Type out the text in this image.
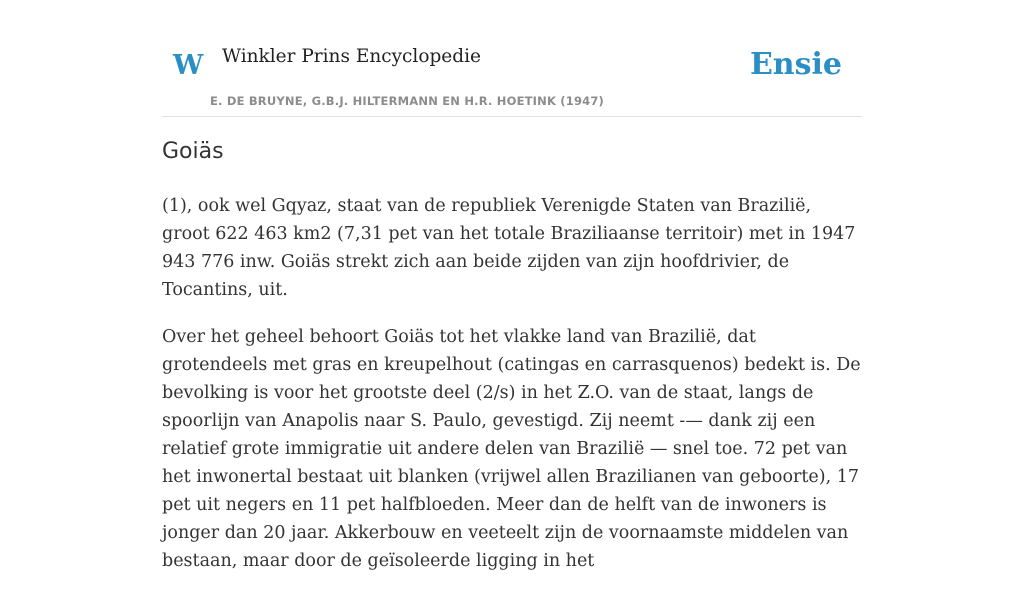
W Winkler Prins Encyclopedie
E. DE BRUYNE, G.B.J. HILTERMANN EN H.R. HOETINK (1947)
Ensie
Goiäs

(1), ook wel Gqyaz, staat van de republiek Verenigde Staten van Brazilië, groot 622 463 km2 (7,31 pet van het totale Braziliaanse territoir) met in 1947 943 776 inw. Goiäs strekt zich aan beide zijden van zijn hoofdrivier, de Tocantins, uit.

Over het geheel behoort Goiäs tot het vlakke land van Brazilië, dat grotendeels met gras en kreupelhout (catingas en carrasquenos) bedekt is. De bevolking is voor het grootste deel (2/s) in het Z.O. van de staat, langs de spoorlijn van Anapolis naar S. Paulo, gevestigd. Zij neemt -— dank zij een relatief grote immigratie uit andere delen van Brazilië — snel toe. 72 pet van het inwonertal bestaat uit blanken (vrijwel allen Brazilianen van geboorte), 17 pet uit negers en 11 pet halfbloeden. Meer dan de helft van de inwoners is jonger dan 20 jaar. Akkerbouw en veeteelt zijn de voornaamste middelen van bestaan, maar door de geïsoleerde ligging in het
